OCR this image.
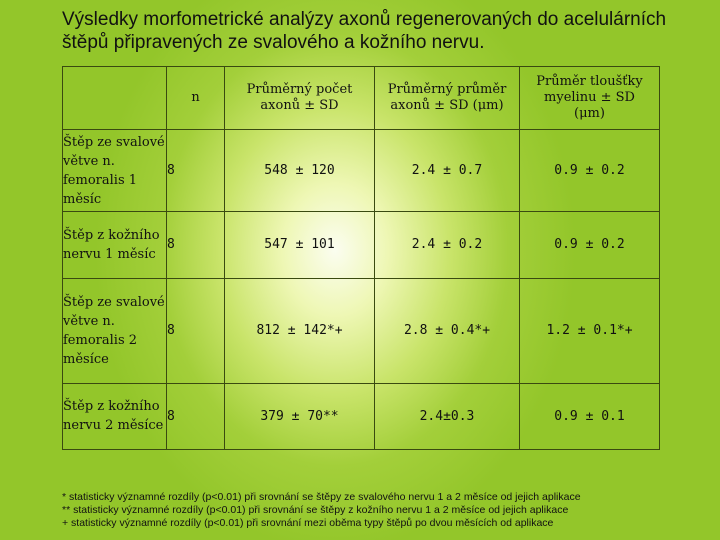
Výsledky morfometrické analýzy axonů regenerovaných do acelulárních štěpů připravených ze svalového a kožního nervu.
	n	Průměrný počet axonů ± SD	Průměrný průměr axonů ± SD (μm)	Průměr tloušťky myelinu ± SD (μm)
Štěp ze svalové větve n. femoralis 1 měsíc	8	548 ± 120	2.4 ± 0.7	0.9 ± 0.2
Štěp z kožního nervu 1 měsíc	8	547 ± 101	2.4 ± 0.2	0.9 ± 0.2
Štěp ze svalové větve n. femoralis 2 měsíce	8	812 ± 142*+	2.8 ± 0.4*+	1.2 ± 0.1*+
Štěp z kožního nervu 2 měsíce	8	379 ± 70**	2.4±0.3	0.9 ± 0.1
* statisticky významné rozdíly (p<0.01) při srovnání se štěpy ze svalového nervu 1 a 2 měsíce od jejich aplikace
** statisticky významné rozdíly (p<0.01) při srovnání se štěpy z kožního nervu 1 a 2 měsíce od jejich aplikace
+ statisticky významné rozdíly (p<0.01) při srovnání mezi oběma typy štěpů po dvou měsících od aplikace
